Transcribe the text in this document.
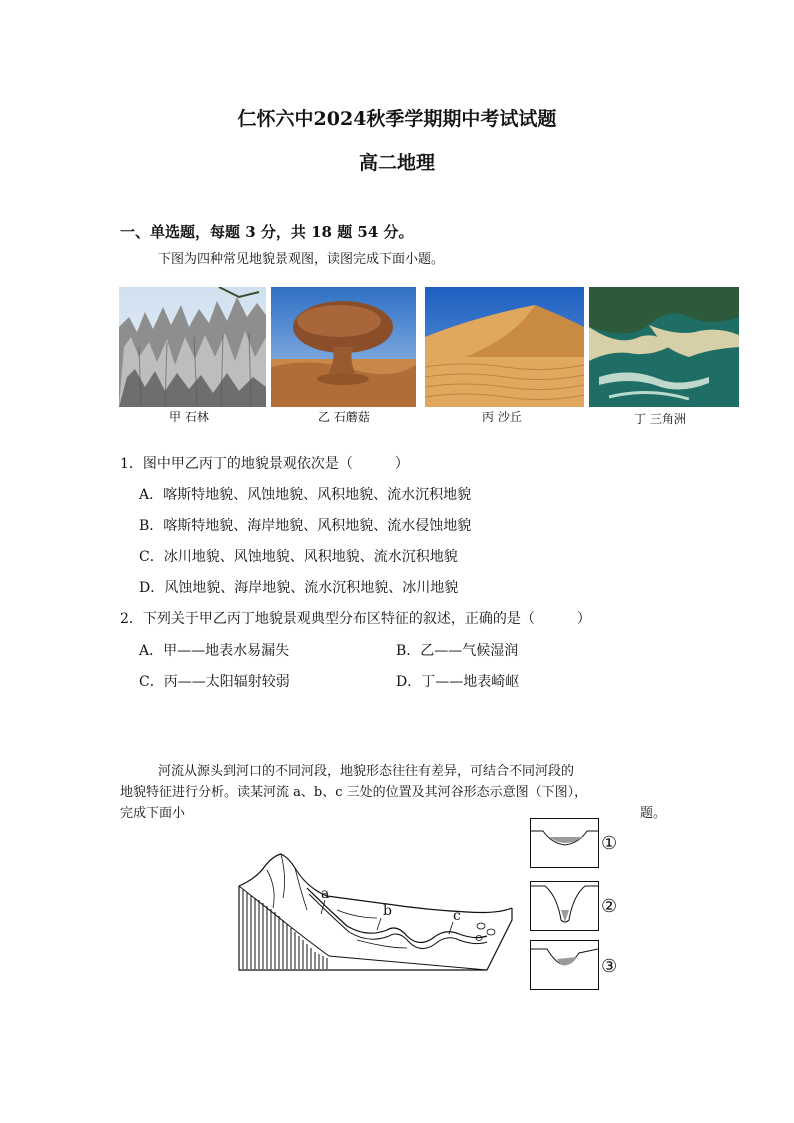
仁怀六中2024秋季学期期中考试试题
高二地理
一、单选题，每题 3 分，共 18 题 54 分。
下图为四种常见地貌景观图，读图完成下面小题。
甲 石林	乙 石蘑菇	丙 沙丘	丁 三角洲
1．图中甲乙丙丁的地貌景观依次是（　　　）
A．喀斯特地貌、风蚀地貌、风积地貌、流水沉积地貌
B．喀斯特地貌、海岸地貌、风积地貌、流水侵蚀地貌
C．冰川地貌、风蚀地貌、风积地貌、流水沉积地貌
D．风蚀地貌、海岸地貌、流水沉积地貌、冰川地貌
2．下列关于甲乙丙丁地貌景观典型分布区特征的叙述，正确的是（　　　）
A．甲——地表水易漏失	B．乙——气候湿润
C．丙——太阳辐射较弱	D．丁——地表崎岖
河流从源头到河口的不同河段，地貌形态往往有差异，可结合不同河段的
地貌特征进行分析。读某河流 a、b、c 三处的位置及其河谷形态示意图（下图），
完成下面小	题。
a
b	c
①
②
③
